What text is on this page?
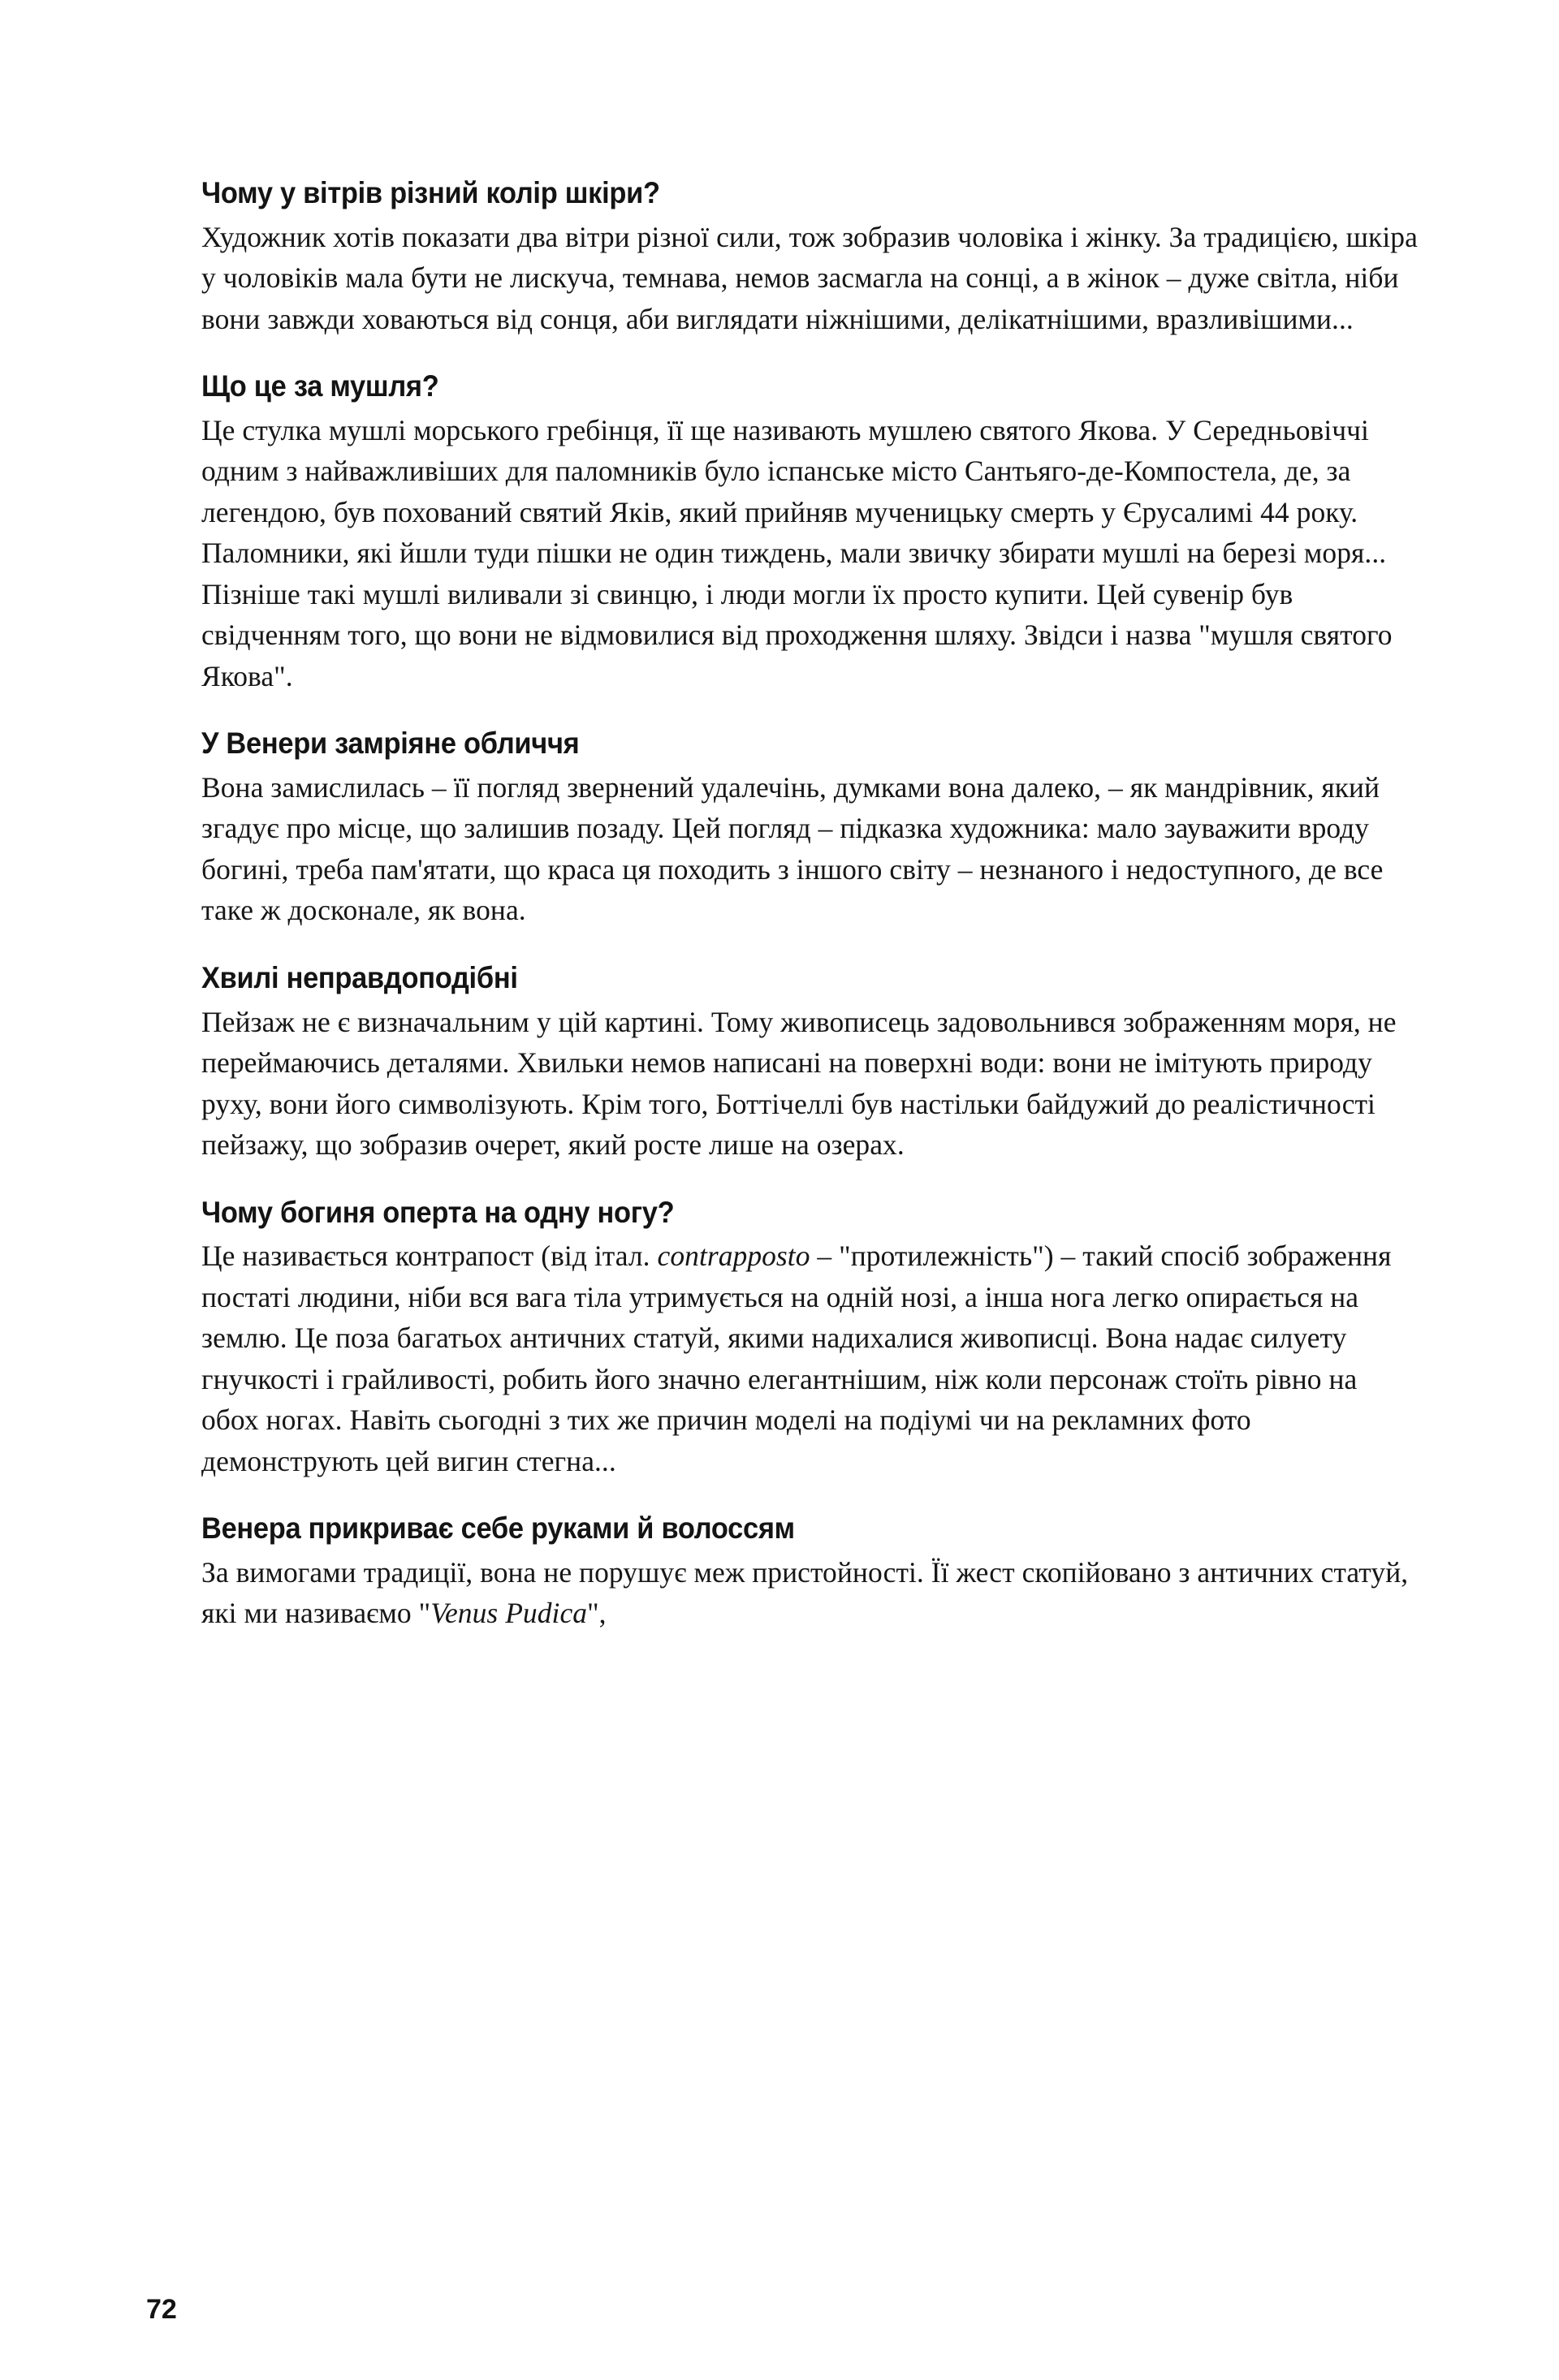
Чому у вітрів різний колір шкіри?

Художник хотів показати два вітри різної сили, тож зобразив чоловіка і жінку. За традицією, шкіра у чоловіків мала бути не лискуча, темнава, немов засмагла на сонці, а в жінок – дуже світла, ніби вони завжди ховаються від сонця, аби виглядати ніжнішими, делікатнішими, вразливішими...

Що це за мушля?

Це стулка мушлі морського гребінця, її ще називають мушлею святого Якова. У Середньовіччі одним з найважливіших для паломників було іспанське місто Сантьяго-де-Компостела, де, за легендою, був похований святий Яків, який прийняв мученицьку смерть у Єрусалимі 44 року. Паломники, які йшли туди пішки не один тиждень, мали звичку збирати мушлі на березі моря... Пізніше такі мушлі виливали зі свинцю, і люди могли їх просто купити. Цей сувенір був свідченням того, що вони не відмовилися від проходження шляху. Звідси і назва "мушля святого Якова".

У Венери замріяне обличчя

Вона замислилась – її погляд звернений удалечінь, думками вона далеко, – як мандрівник, який згадує про місце, що залишив позаду. Цей погляд – підказка художника: мало зауважити вроду богині, треба пам'ятати, що краса ця походить з іншого світу – незнаного і недоступного, де все таке ж досконале, як вона.

Хвилі неправдоподібні

Пейзаж не є визначальним у цій картині. Тому живописець задовольнився зображенням моря, не переймаючись деталями. Хвильки немов написані на поверхні води: вони не імітують природу руху, вони його символізують. Крім того, Боттічеллі був настільки байдужий до реалістичності пейзажу, що зобразив очерет, який росте лише на озерах.

Чому богиня оперта на одну ногу?

Це називається контрапост (від італ. contrapposto – "протилежність") – такий спосіб зображення постаті людини, ніби вся вага тіла утримується на одній нозі, а інша нога легко опирається на землю. Це поза багатьох античних статуй, якими надихалися живописці. Вона надає силуету гнучкості і грайливості, робить його значно елегантнішим, ніж коли персонаж стоїть рівно на обох ногах. Навіть сьогодні з тих же причин моделі на подіумі чи на рекламних фото демонструють цей вигин стегна...

Венера прикриває себе руками й волоссям

За вимогами традиції, вона не порушує меж пристойності. Її жест скопійовано з античних статуй, які ми називаємо "Venus Pudica",

72
